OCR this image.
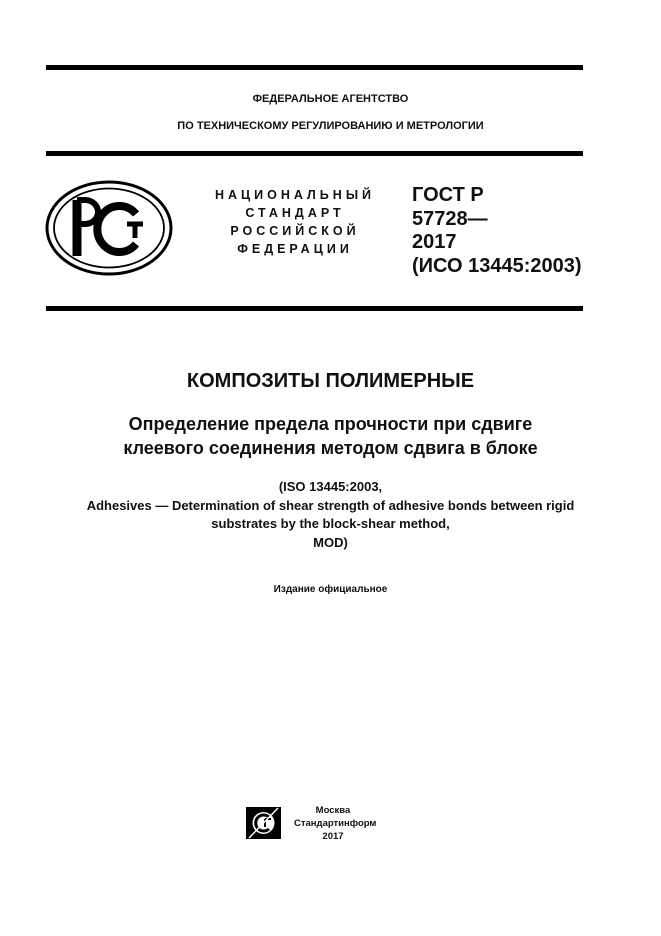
ФЕДЕРАЛЬНОЕ АГЕНТСТВО
ПО ТЕХНИЧЕСКОМУ РЕГУЛИРОВАНИЮ И МЕТРОЛОГИИ
НАЦИОНАЛЬНЫЙ
СТАНДАРТ
РОССИЙСКОЙ
ФЕДЕРАЦИИ
ГОСТ Р
57728—
2017
(ИСО 13445:2003)
КОМПОЗИТЫ ПОЛИМЕРНЫЕ
Определение предела прочности при сдвиге
клеевого соединения методом сдвига в блоке
(ISO 13445:2003,
Adhesives — Determination of shear strength of adhesive bonds between rigid
substrates by the block-shear method,
MOD)
Издание официальное
Москва
Стандартинформ
2017
